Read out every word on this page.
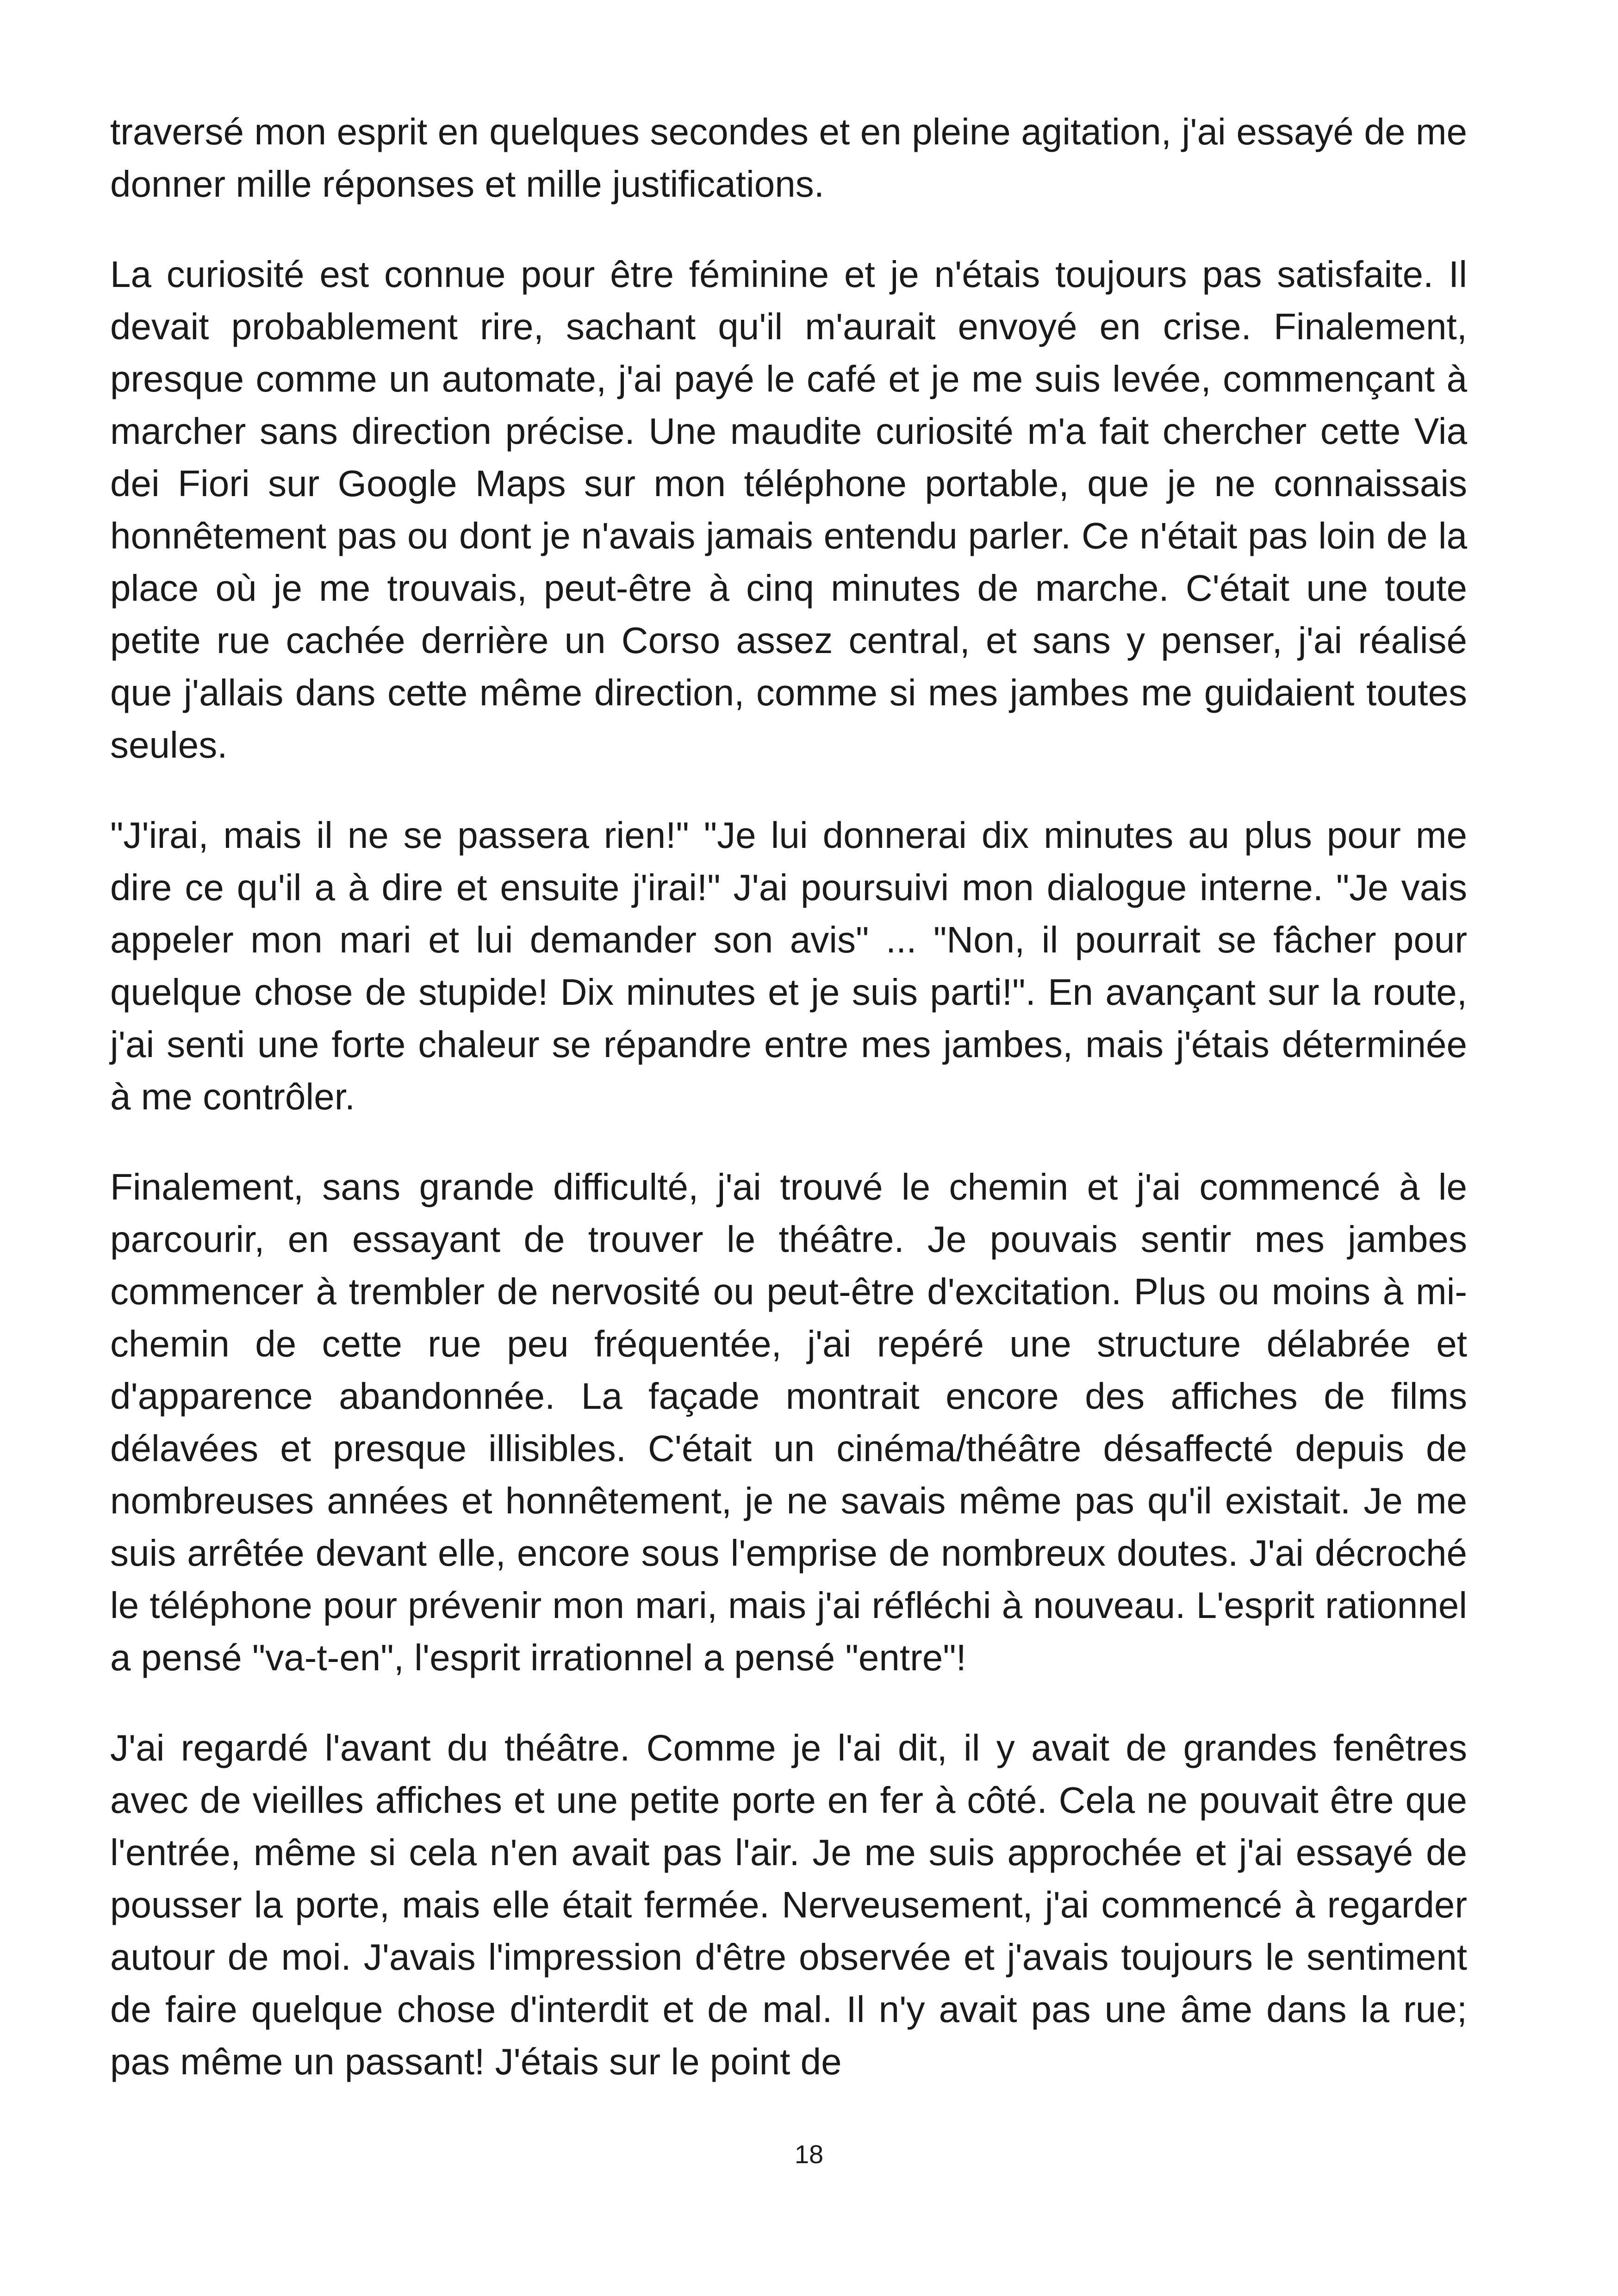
traversé mon esprit en quelques secondes et en pleine agitation, j'ai essayé de me donner mille réponses et mille justifications.

La curiosité est connue pour être féminine et je n'étais toujours pas satisfaite. Il devait probablement rire, sachant qu'il m'aurait envoyé en crise. Finalement, presque comme un automate, j'ai payé le café et je me suis levée, commençant à marcher sans direction précise. Une maudite curiosité m'a fait chercher cette Via dei Fiori sur Google Maps sur mon téléphone portable, que je ne connaissais honnêtement pas ou dont je n'avais jamais entendu parler. Ce n'était pas loin de la place où je me trouvais, peut-être à cinq minutes de marche. C'était une toute petite rue cachée derrière un Corso assez central, et sans y penser, j'ai réalisé que j'allais dans cette même direction, comme si mes jambes me guidaient toutes seules.

"J'irai, mais il ne se passera rien!" "Je lui donnerai dix minutes au plus pour me dire ce qu'il a à dire et ensuite j'irai!" J'ai poursuivi mon dialogue interne. "Je vais appeler mon mari et lui demander son avis" ... "Non, il pourrait se fâcher pour quelque chose de stupide! Dix minutes et je suis parti!". En avançant sur la route, j'ai senti une forte chaleur se répandre entre mes jambes, mais j'étais déterminée à me contrôler.

Finalement, sans grande difficulté, j'ai trouvé le chemin et j'ai commencé à le parcourir, en essayant de trouver le théâtre. Je pouvais sentir mes jambes commencer à trembler de nervosité ou peut-être d'excitation. Plus ou moins à mi-chemin de cette rue peu fréquentée, j'ai repéré une structure délabrée et d'apparence abandonnée. La façade montrait encore des affiches de films délavées et presque illisibles. C'était un cinéma/théâtre désaffecté depuis de nombreuses années et honnêtement, je ne savais même pas qu'il existait. Je me suis arrêtée devant elle, encore sous l'emprise de nombreux doutes. J'ai décroché le téléphone pour prévenir mon mari, mais j'ai réfléchi à nouveau. L'esprit rationnel a pensé "va-t-en", l'esprit irrationnel a pensé "entre"!

J'ai regardé l'avant du théâtre. Comme je l'ai dit, il y avait de grandes fenêtres avec de vieilles affiches et une petite porte en fer à côté. Cela ne pouvait être que l'entrée, même si cela n'en avait pas l'air. Je me suis approchée et j'ai essayé de pousser la porte, mais elle était fermée. Nerveusement, j'ai commencé à regarder autour de moi. J'avais l'impression d'être observée et j'avais toujours le sentiment de faire quelque chose d'interdit et de mal. Il n'y avait pas une âme dans la rue; pas même un passant! J'étais sur le point de

18
